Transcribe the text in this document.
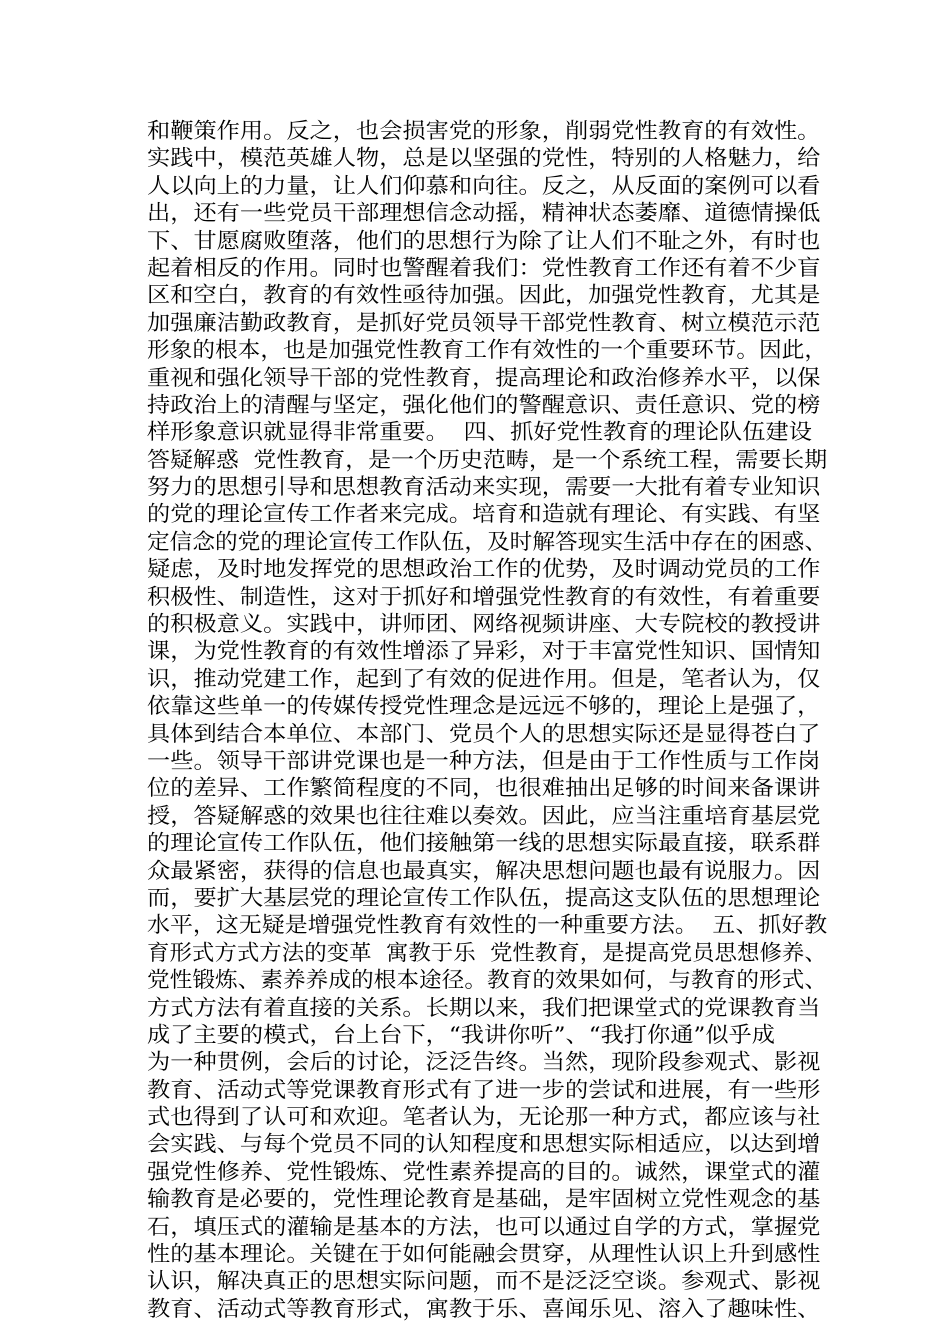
和鞭策作用。反之，也会损害党的形象，削弱党性教育的有效性。
实践中，模范英雄人物，总是以坚强的党性，特别的人格魅力，给
人以向上的力量，让人们仰慕和向往。反之，从反面的案例可以看
出，还有一些党员干部理想信念动摇，精神状态萎靡、道德情操低
下、甘愿腐败堕落，他们的思想行为除了让人们不耻之外，有时也
起着相反的作用。同时也警醒着我们：党性教育工作还有着不少盲
区和空白，教育的有效性亟待加强。因此，加强党性教育，尤其是
加强廉洁勤政教育，是抓好党员领导干部党性教育、树立模范示范
形象的根本，也是加强党性教育工作有效性的一个重要环节。因此，
重视和强化领导干部的党性教育，提高理论和政治修养水平，以保
持政治上的清醒与坚定，强化他们的警醒意识、责任意识、党的榜
样形象意识就显得非常重要。  四、抓好党性教育的理论队伍建设
答疑解惑  党性教育，是一个历史范畴，是一个系统工程，需要长期
努力的思想引导和思想教育活动来实现，需要一大批有着专业知识
的党的理论宣传工作者来完成。培育和造就有理论、有实践、有坚
定信念的党的理论宣传工作队伍，及时解答现实生活中存在的困惑、
疑虑，及时地发挥党的思想政治工作的优势，及时调动党员的工作
积极性、制造性，这对于抓好和增强党性教育的有效性，有着重要
的积极意义。实践中，讲师团、网络视频讲座、大专院校的教授讲
课，为党性教育的有效性增添了异彩，对于丰富党性知识、国情知
识，推动党建工作，起到了有效的促进作用。但是，笔者认为，仅
依靠这些单一的传媒传授党性理念是远远不够的，理论上是强了，
具体到结合本单位、本部门、党员个人的思想实际还是显得苍白了
一些。领导干部讲党课也是一种方法，但是由于工作性质与工作岗
位的差异、工作繁简程度的不同，也很难抽出足够的时间来备课讲
授，答疑解惑的效果也往往难以奏效。因此，应当注重培育基层党
的理论宣传工作队伍，他们接触第一线的思想实际最直接，联系群
众最紧密，获得的信息也最真实，解决思想问题也最有说服力。因
而，要扩大基层党的理论宣传工作队伍，提高这支队伍的思想理论
水平，这无疑是增强党性教育有效性的一种重要方法。  五、抓好教
育形式方式方法的变革  寓教于乐  党性教育，是提高党员思想修养、
党性锻炼、素养养成的根本途径。教育的效果如何，与教育的形式、
方式方法有着直接的关系。长期以来，我们把课堂式的党课教育当
成了主要的模式，台上台下，“我讲你听”、“我打你通”似乎成
为一种贯例，会后的讨论，泛泛告终。当然，现阶段参观式、影视
教育、活动式等党课教育形式有了进一步的尝试和进展，有一些形
式也得到了认可和欢迎。笔者认为，无论那一种方式，都应该与社
会实践、与每个党员不同的认知程度和思想实际相适应，以达到增
强党性修养、党性锻炼、党性素养提高的目的。诚然，课堂式的灌
输教育是必要的，党性理论教育是基础，是牢固树立党性观念的基
石，填压式的灌输是基本的方法，也可以通过自学的方式，掌握党
性的基本理论。关键在于如何能融会贯穿，从理性认识上升到感性
认识，解决真正的思想实际问题，而不是泛泛空谈。参观式、影视
教育、活动式等教育形式，寓教于乐、喜闻乐见、溶入了趣味性、
